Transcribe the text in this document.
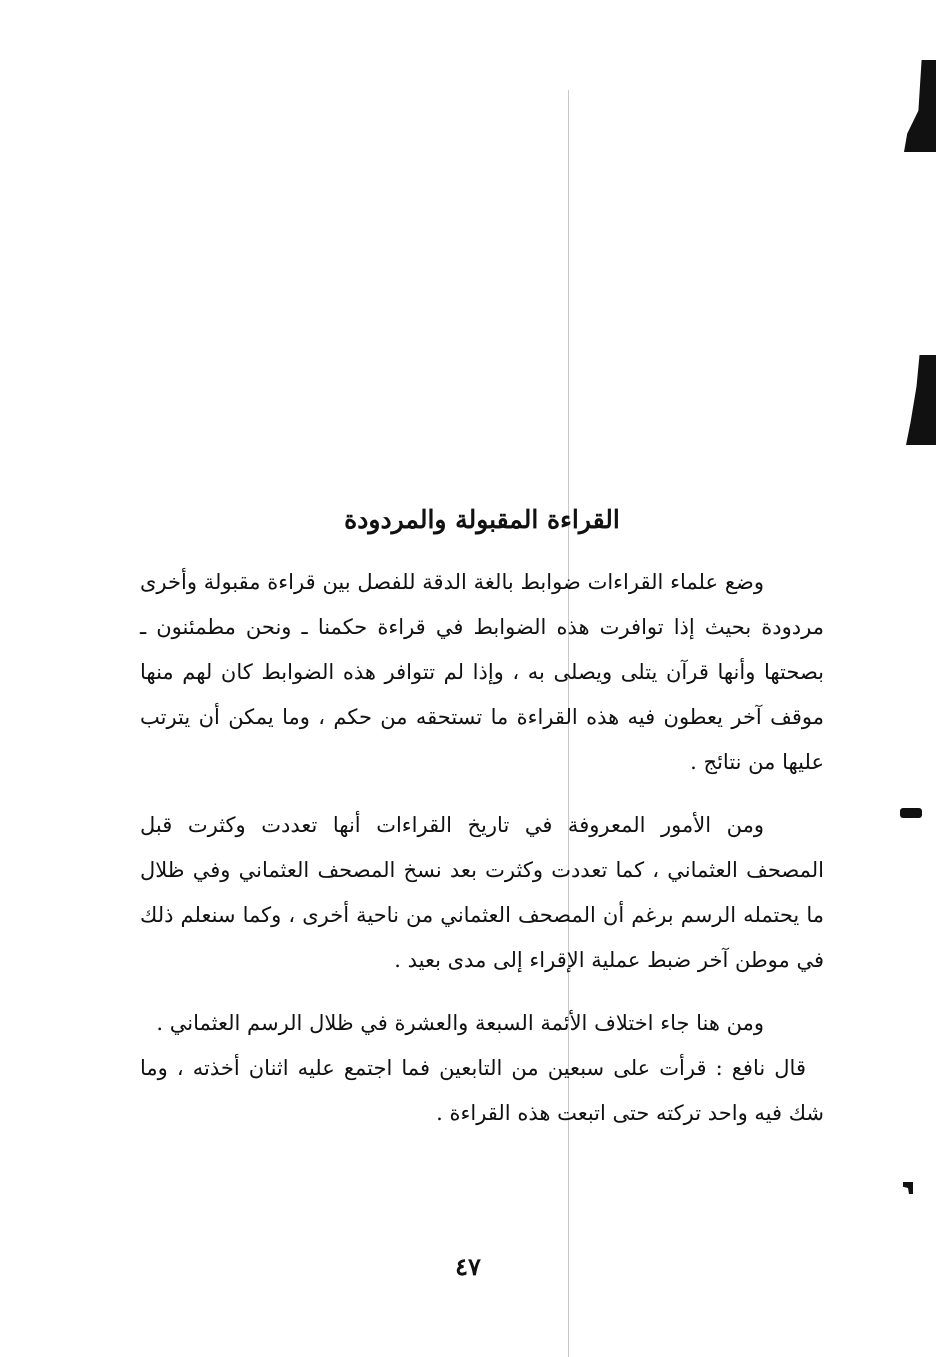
القراءة المقبولة والمردودة

وضع علماء القراءات ضوابط بالغة الدقة للفصل بين قراءة مقبولة وأخرى مردودة بحيث إذا توافرت هذه الضوابط في قراءة حكمنا ـ ونحن مطمئنون ـ بصحتها وأنها قرآن يتلى ويصلى به ، وإذا لم تتوافر هذه الضوابط كان لهم منها موقف آخر يعطون فيه هذه القراءة ما تستحقه من حكم ، وما يمكن أن يترتب عليها من نتائج .

ومن الأمور المعروفة في تاريخ القراءات أنها تعددت وكثرت قبل المصحف العثماني ، كما تعددت وكثرت بعد نسخ المصحف العثماني وفي ظلال ما يحتمله الرسم برغم أن المصحف العثماني من ناحية أخرى ، وكما سنعلم ذلك في موطن آخر ضبط عملية الإقراء إلى مدى بعيد .

ومن هنا جاء اختلاف الأئمة السبعة والعشرة في ظلال الرسم العثماني .

قال نافع : قرأت على سبعين من التابعين فما اجتمع عليه اثنان أخذته ، وما شك فيه واحد تركته حتى اتبعت هذه القراءة .

٤٧
